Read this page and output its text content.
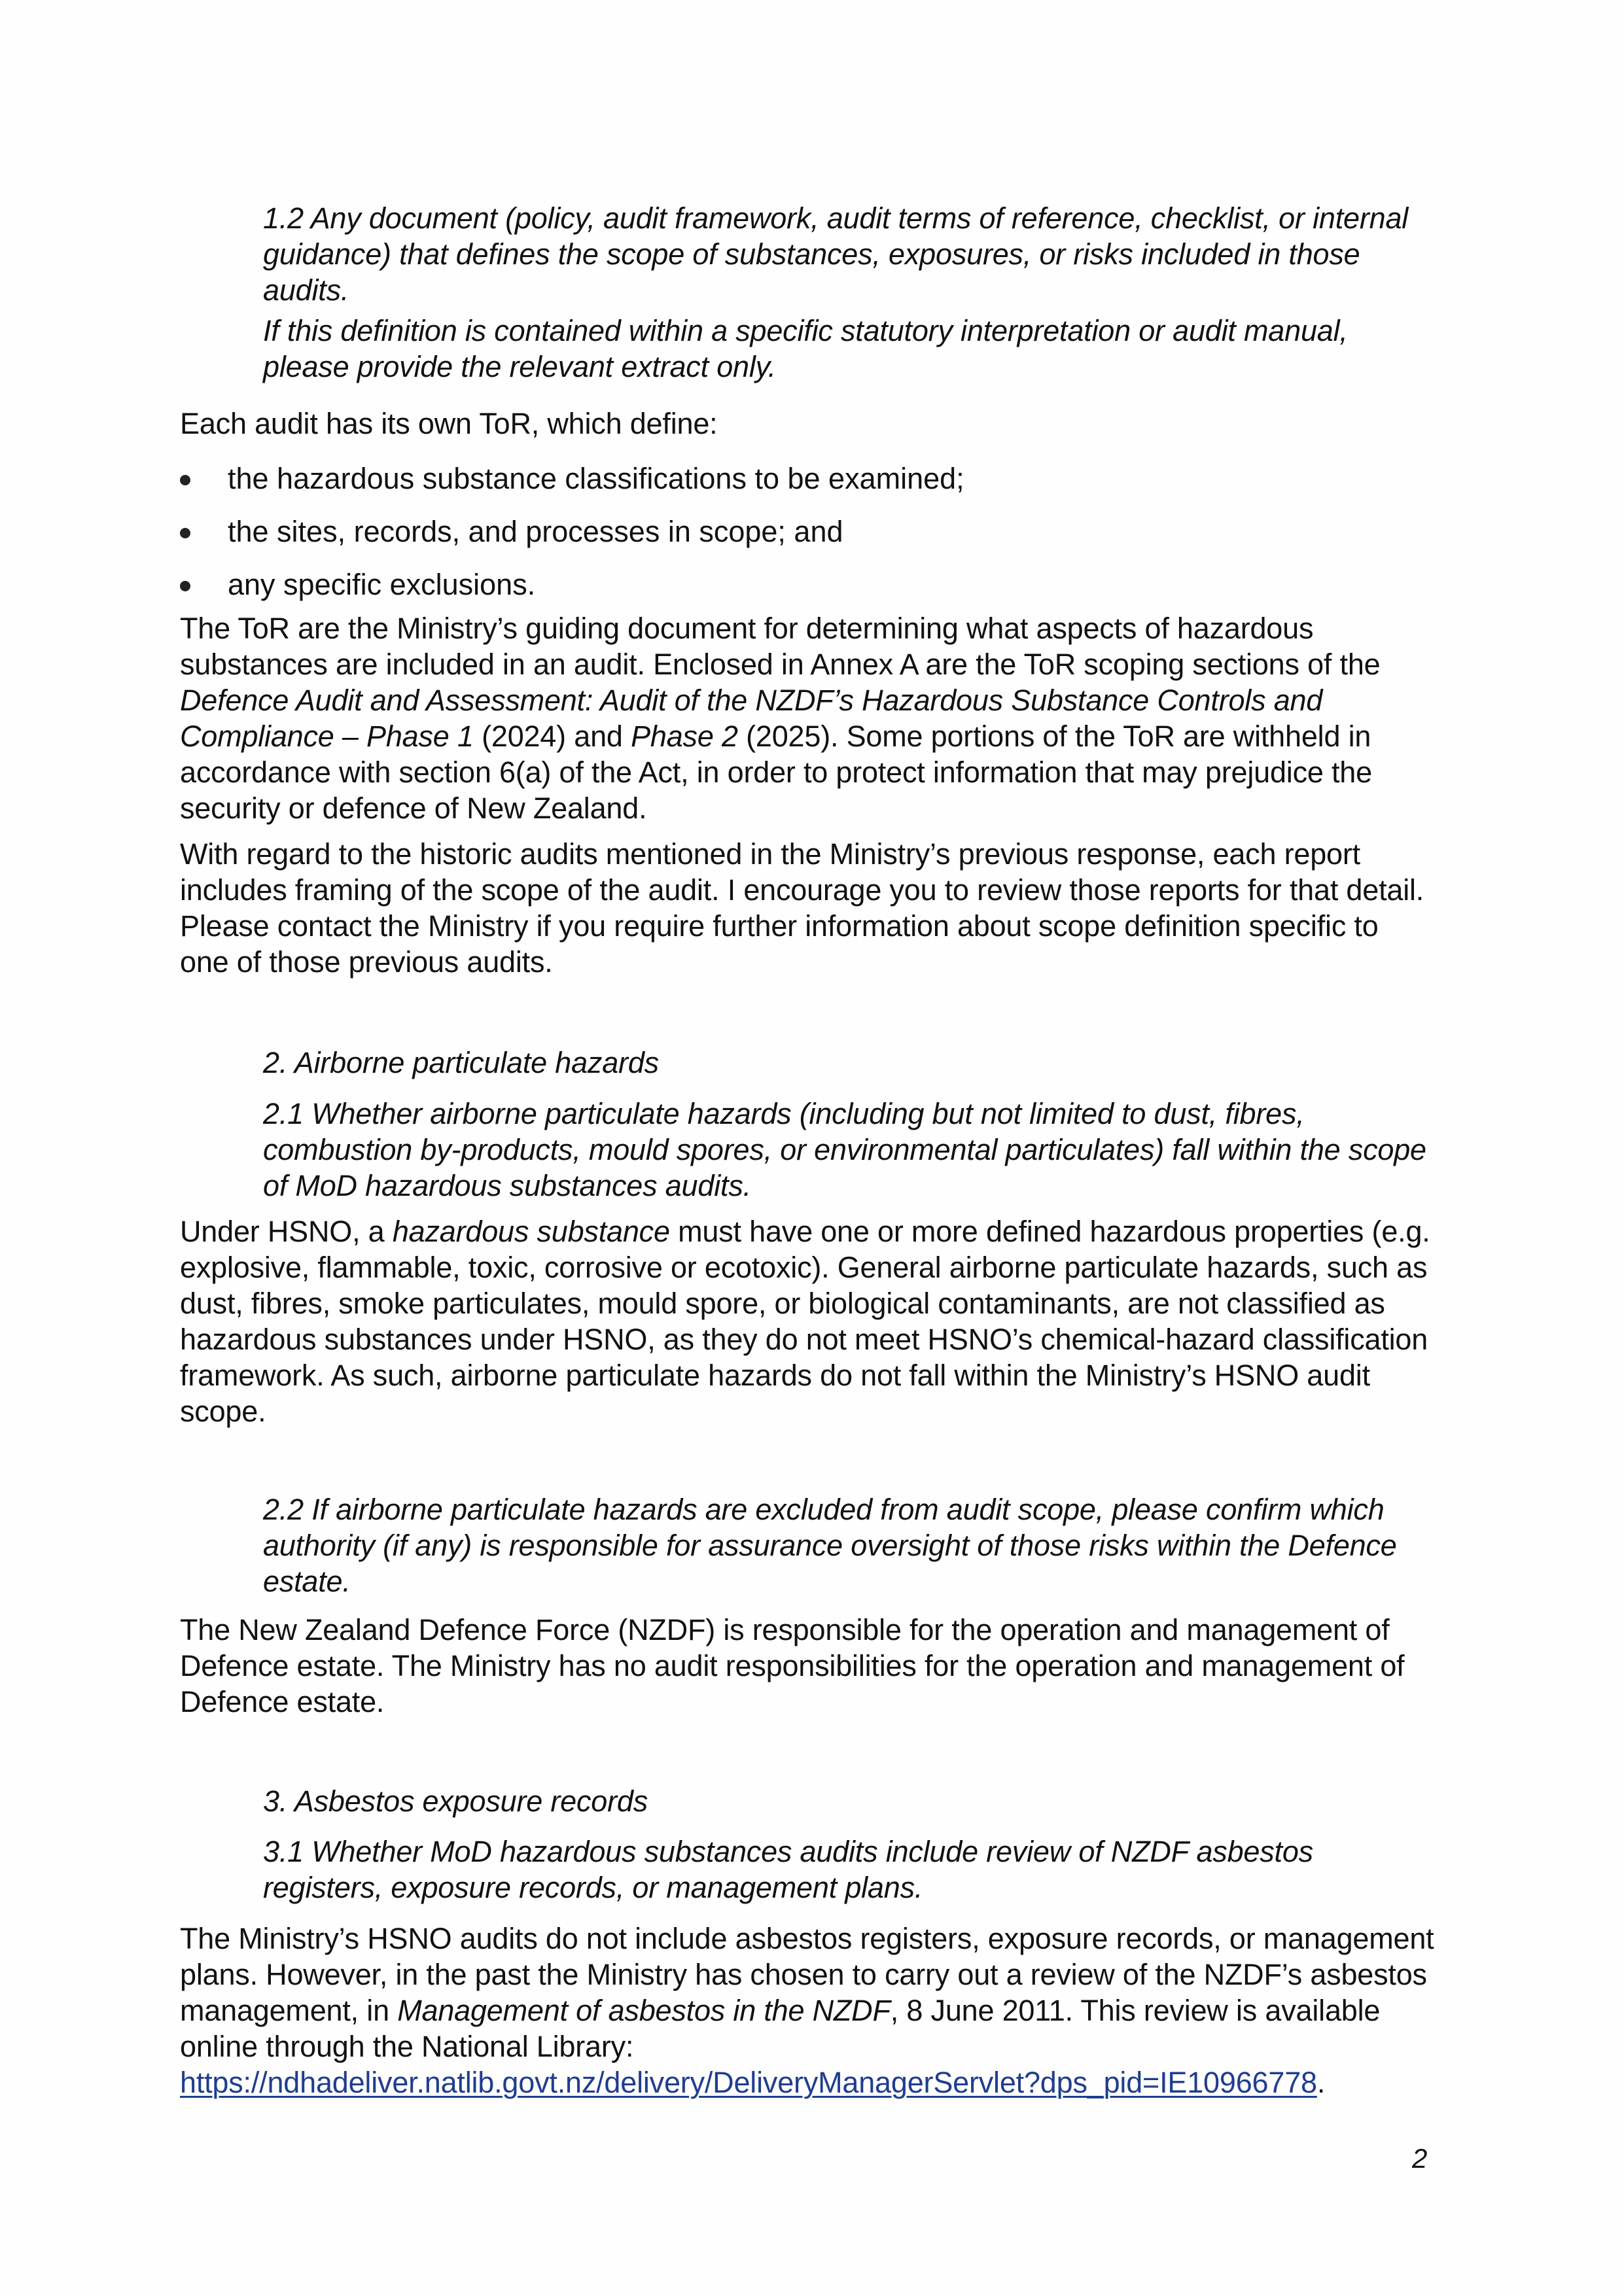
1.2 Any document (policy, audit framework, audit terms of reference, checklist, or internal guidance) that defines the scope of substances, exposures, or risks included in those audits.
If this definition is contained within a specific statutory interpretation or audit manual, please provide the relevant extract only.
Each audit has its own ToR, which define:
the hazardous substance classifications to be examined;
the sites, records, and processes in scope; and
any specific exclusions.
The ToR are the Ministry’s guiding document for determining what aspects of hazardous substances are included in an audit. Enclosed in Annex A are the ToR scoping sections of the Defence Audit and Assessment: Audit of the NZDF’s Hazardous Substance Controls and Compliance – Phase 1 (2024) and Phase 2 (2025). Some portions of the ToR are withheld in accordance with section 6(a) of the Act, in order to protect information that may prejudice the security or defence of New Zealand.
With regard to the historic audits mentioned in the Ministry’s previous response, each report includes framing of the scope of the audit. I encourage you to review those reports for that detail. Please contact the Ministry if you require further information about scope definition specific to one of those previous audits.
2. Airborne particulate hazards
2.1 Whether airborne particulate hazards (including but not limited to dust, fibres, combustion by-products, mould spores, or environmental particulates) fall within the scope of MoD hazardous substances audits.
Under HSNO, a hazardous substance must have one or more defined hazardous properties (e.g. explosive, flammable, toxic, corrosive or ecotoxic). General airborne particulate hazards, such as dust, fibres, smoke particulates, mould spore, or biological contaminants, are not classified as hazardous substances under HSNO, as they do not meet HSNO’s chemical-hazard classification framework. As such, airborne particulate hazards do not fall within the Ministry’s HSNO audit scope.
2.2 If airborne particulate hazards are excluded from audit scope, please confirm which authority (if any) is responsible for assurance oversight of those risks within the Defence estate.
The New Zealand Defence Force (NZDF) is responsible for the operation and management of Defence estate. The Ministry has no audit responsibilities for the operation and management of Defence estate.
3. Asbestos exposure records
3.1 Whether MoD hazardous substances audits include review of NZDF asbestos registers, exposure records, or management plans.
The Ministry’s HSNO audits do not include asbestos registers, exposure records, or management plans. However, in the past the Ministry has chosen to carry out a review of the NZDF’s asbestos management, in Management of asbestos in the NZDF, 8 June 2011. This review is available online through the National Library: https://ndhadeliver.natlib.govt.nz/delivery/DeliveryManagerServlet?dps_pid=IE10966778.
2
